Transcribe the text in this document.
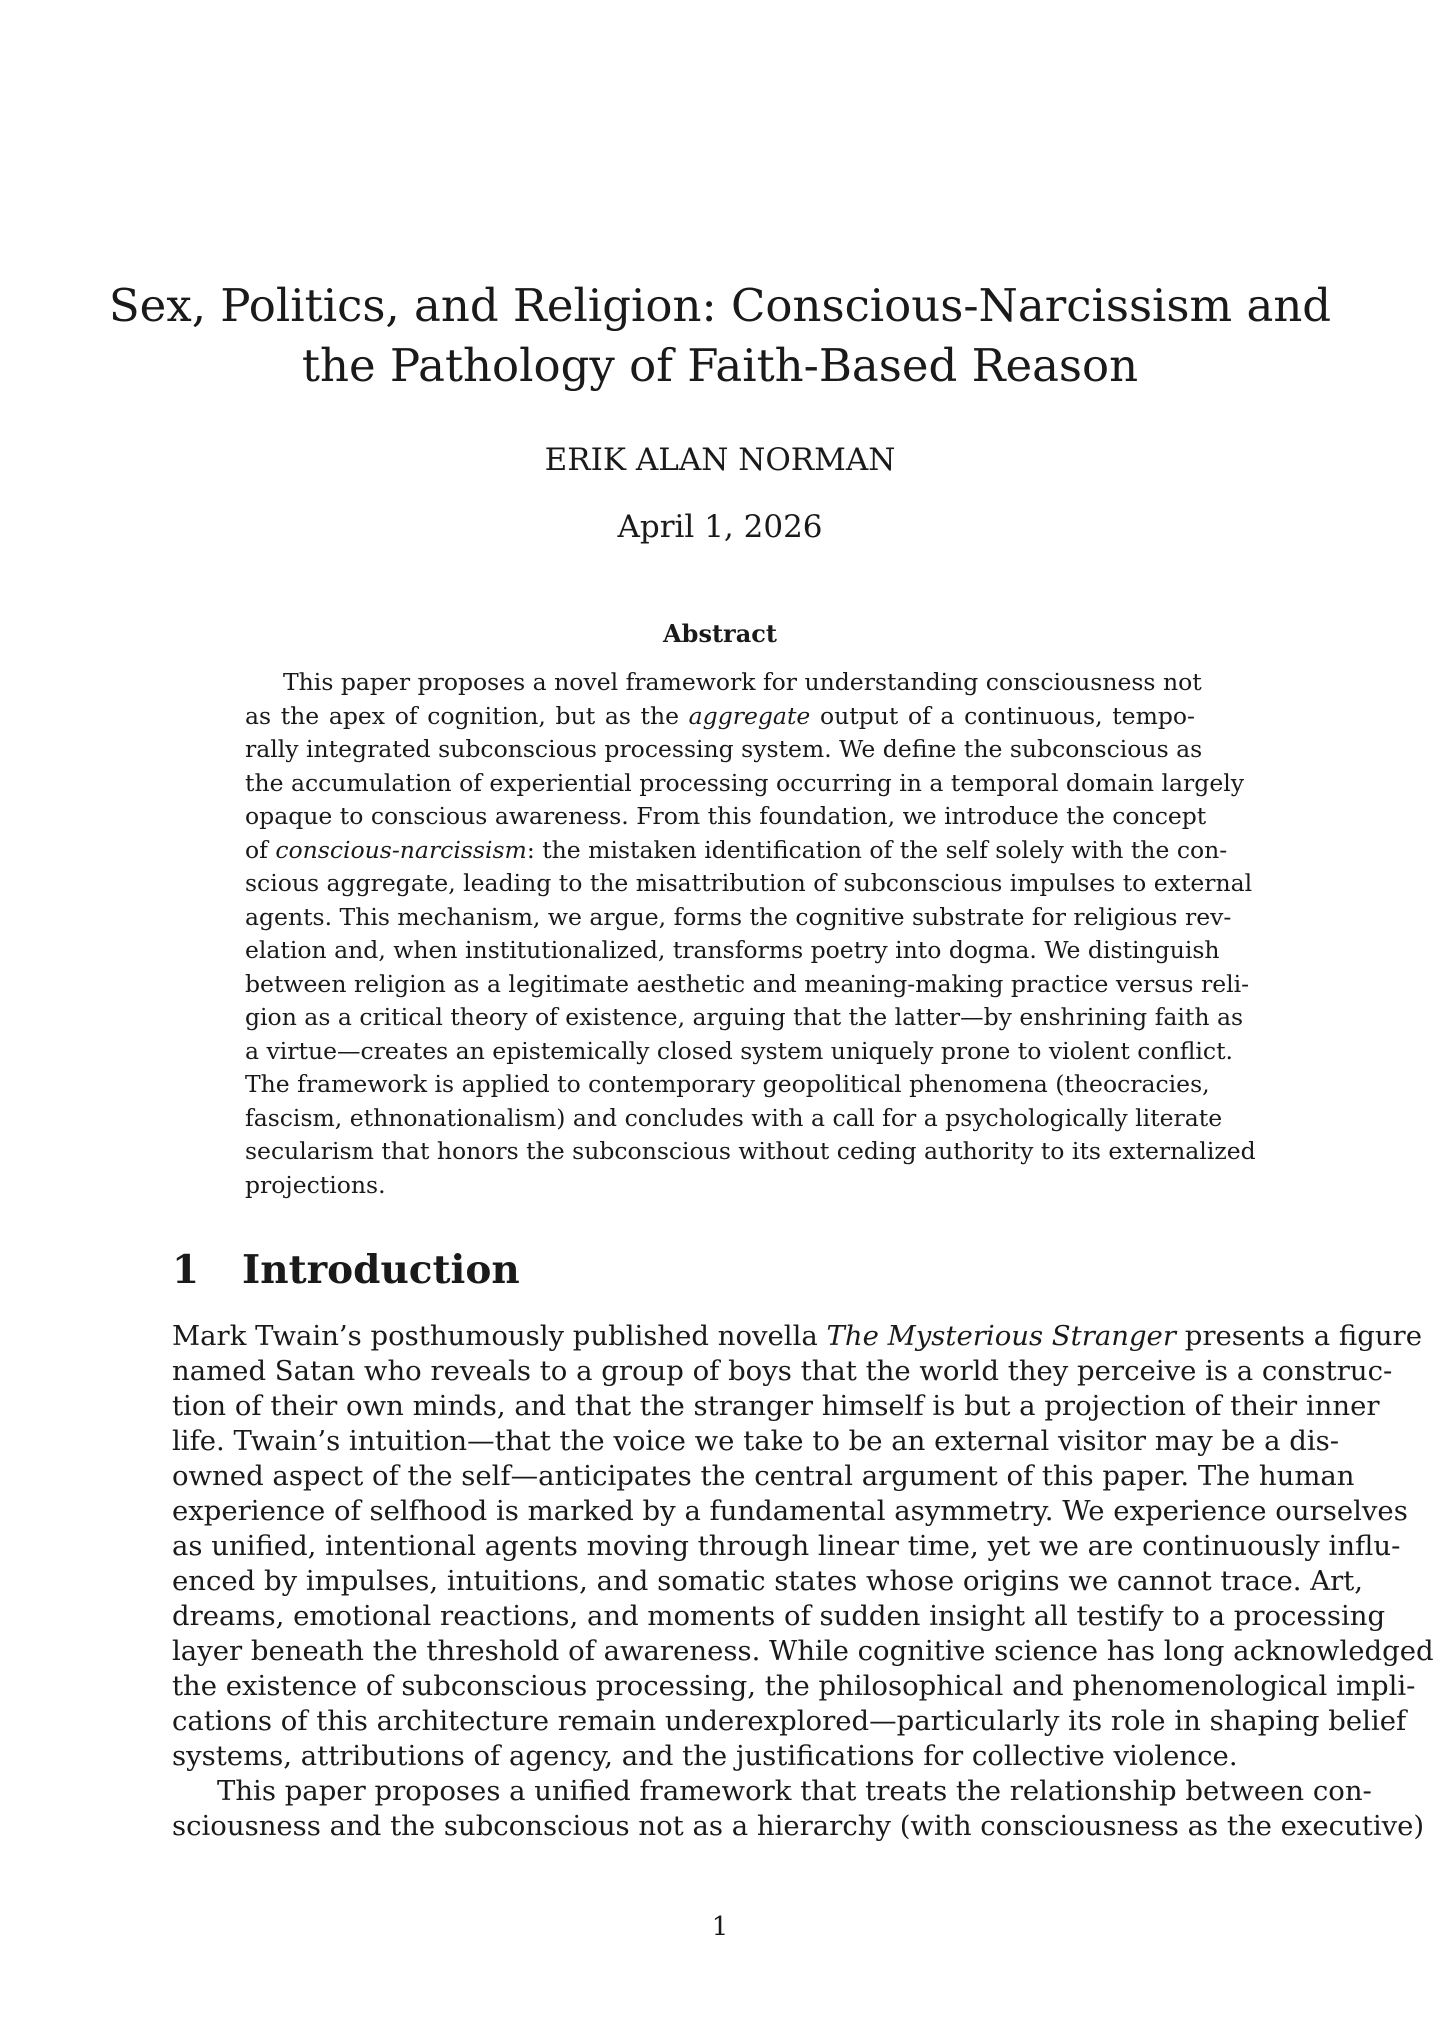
Sex, Politics, and Religion: Conscious-Narcissism and
the Pathology of Faith-Based Reason
ERIK ALAN NORMAN
April 1, 2026
Abstract
This paper proposes a novel framework for understanding consciousness not
as the apex of cognition, but as the aggregate output of a continuous, tempo-
rally integrated subconscious processing system. We define the subconscious as
the accumulation of experiential processing occurring in a temporal domain largely
opaque to conscious awareness. From this foundation, we introduce the concept
of conscious-narcissism: the mistaken identification of the self solely with the con-
scious aggregate, leading to the misattribution of subconscious impulses to external
agents. This mechanism, we argue, forms the cognitive substrate for religious rev-
elation and, when institutionalized, transforms poetry into dogma. We distinguish
between religion as a legitimate aesthetic and meaning-making practice versus reli-
gion as a critical theory of existence, arguing that the latter—by enshrining faith as
a virtue—creates an epistemically closed system uniquely prone to violent conflict.
The framework is applied to contemporary geopolitical phenomena (theocracies,
fascism, ethnonationalism) and concludes with a call for a psychologically literate
secularism that honors the subconscious without ceding authority to its externalized
projections.
1 Introduction
Mark Twain’s posthumously published novella The Mysterious Stranger presents a figure
named Satan who reveals to a group of boys that the world they perceive is a construc-
tion of their own minds, and that the stranger himself is but a projection of their inner
life. Twain’s intuition—that the voice we take to be an external visitor may be a dis-
owned aspect of the self—anticipates the central argument of this paper. The human
experience of selfhood is marked by a fundamental asymmetry. We experience ourselves
as unified, intentional agents moving through linear time, yet we are continuously influ-
enced by impulses, intuitions, and somatic states whose origins we cannot trace. Art,
dreams, emotional reactions, and moments of sudden insight all testify to a processing
layer beneath the threshold of awareness. While cognitive science has long acknowledged
the existence of subconscious processing, the philosophical and phenomenological impli-
cations of this architecture remain underexplored—particularly its role in shaping belief
systems, attributions of agency, and the justifications for collective violence.
This paper proposes a unified framework that treats the relationship between con-
sciousness and the subconscious not as a hierarchy (with consciousness as the executive)
1
